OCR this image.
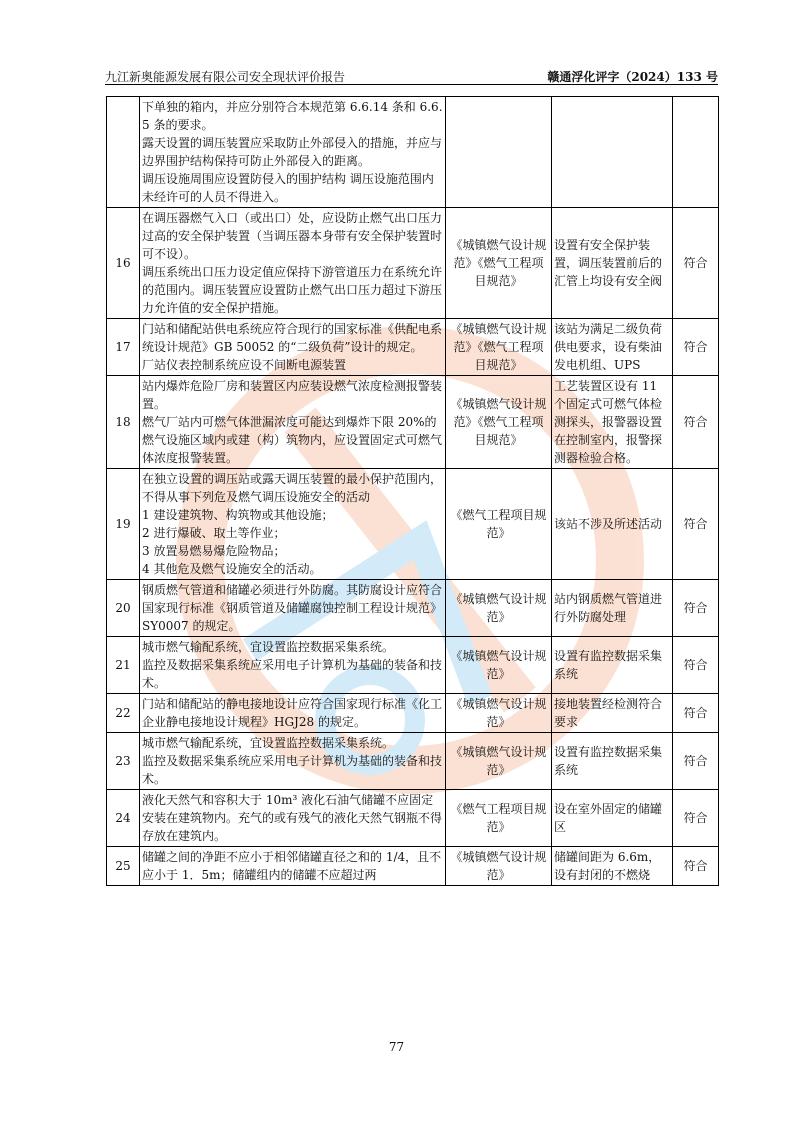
九江新奥能源发展有限公司安全现状评价报告	赣通浮化评字（2024）133 号

	下单独的箱内，并应分别符合本规范第 6.6.14 条和 6.6.5 条的要求。
露天设置的调压装置应采取防止外部侵入的措施，并应与边界围护结构保持可防止外部侵入的距离。
调压设施周围应设置防侵入的围护结构 调压设施范围内未经许可的人员不得进入。			

16	在调压器燃气入口（或出口）处，应设防止燃气出口压力过高的安全保护装置（当调压器本身带有安全保护装置时可不设）。
调压系统出口压力设定值应保持下游管道压力在系统允许的范围内。调压装置应设置防止燃气出口压力超过下游压力允许值的安全保护措施。	《城镇燃气设计规范》《燃气工程项目规范》	设置有安全保护装置，调压装置前后的汇管上均设有安全阀	符合
17	门站和储配站供电系统应符合现行的国家标准《供配电系统设计规范》GB 50052 的“二级负荷”设计的规定。
厂站仪表控制系统应设不间断电源装置	《城镇燃气设计规范》《燃气工程项目规范》	该站为满足二级负荷供电要求，设有柴油发电机组、UPS	符合
18	站内爆炸危险厂房和装置区内应装设燃气浓度检测报警装置。
燃气厂站内可燃气体泄漏浓度可能达到爆炸下限 20%的燃气设施区域内或建（构）筑物内，应设置固定式可燃气体浓度报警装置。	《城镇燃气设计规范》《燃气工程项目规范》	工艺装置区设有 11 个固定式可燃气体检测探头，报警器设置在控制室内，报警探测器检验合格。	符合
19	在独立设置的调压站或露天调压装置的最小保护范围内，不得从事下列危及燃气调压设施安全的活动
1 建设建筑物、构筑物或其他设施；
2 进行爆破、取土等作业；
3 放置易燃易爆危险物品；
4 其他危及燃气设施安全的活动。	《燃气工程项目规范》	该站不涉及所述活动	符合
20	钢质燃气管道和储罐必须进行外防腐。其防腐设计应符合国家现行标准《钢质管道及储罐腐蚀控制工程设计规范》SY0007 的规定。	《城镇燃气设计规范》	站内钢质燃气管道进行外防腐处理	符合
21	城市燃气输配系统，宜设置监控数据采集系统。
监控及数据采集系统应采用电子计算机为基础的装备和技术。	《城镇燃气设计规范》	设置有监控数据采集系统	符合
22	门站和储配站的静电接地设计应符合国家现行标准《化工企业静电接地设计规程》HGJ28 的规定。	《城镇燃气设计规范》	接地装置经检测符合要求	符合
23	城市燃气输配系统，宜设置监控数据采集系统。
监控及数据采集系统应采用电子计算机为基础的装备和技术。	《城镇燃气设计规范》	设置有监控数据采集系统	符合
24	液化天然气和容积大于 10m³ 液化石油气储罐不应固定安装在建筑物内。充气的或有残气的液化天然气钢瓶不得存放在建筑内。	《燃气工程项目规范》	设在室外固定的储罐区	符合
25	储罐之间的净距不应小于相邻储罐直径之和的 1/4，且不应小于 1．5m；储罐组内的储罐不应超过两	《城镇燃气设计规范》	储罐间距为 6.6m，设有封闭的不燃烧	符合
77
